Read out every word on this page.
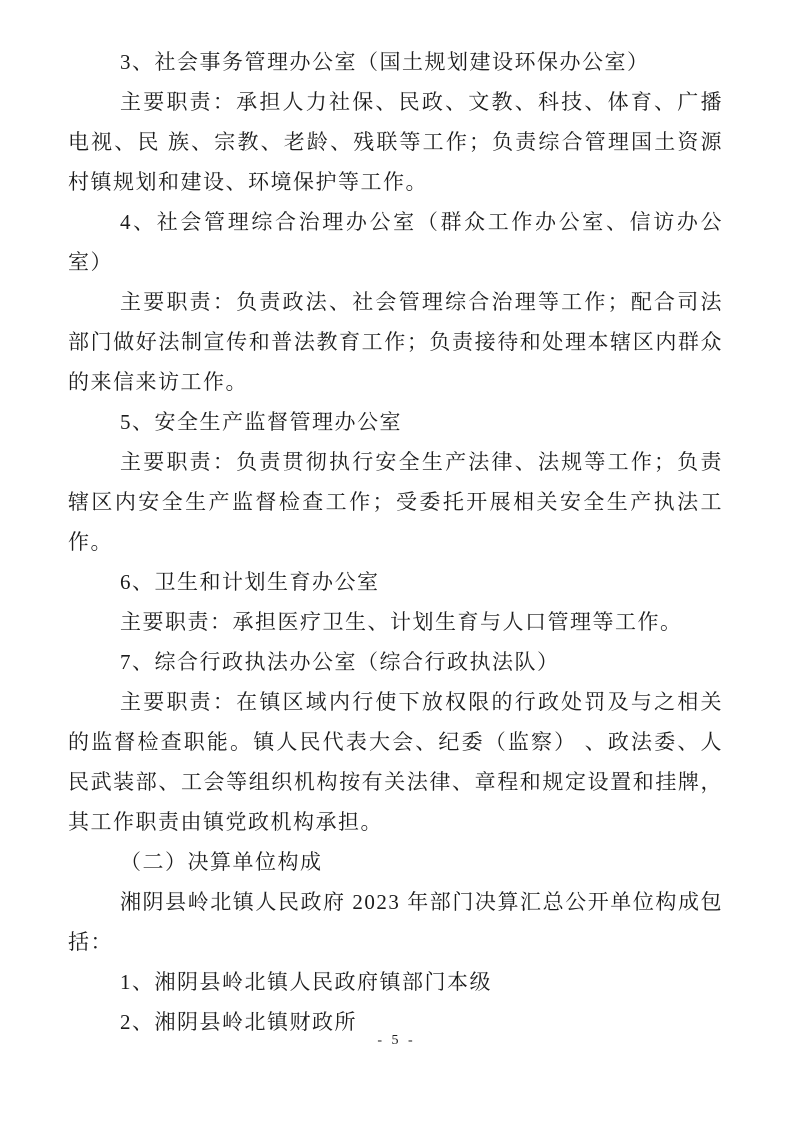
3、社会事务管理办公室（国土规划建设环保办公室）

主要职责：承担人力社保、民政、文教、科技、体育、广播电视、民 族、宗教、老龄、残联等工作；负责综合管理国土资源村镇规划和建设、环境保护等工作。

4、社会管理综合治理办公室（群众工作办公室、信访办公室）

主要职责：负责政法、社会管理综合治理等工作；配合司法部门做好法制宣传和普法教育工作；负责接待和处理本辖区内群众的来信来访工作。

5、安全生产监督管理办公室

主要职责：负责贯彻执行安全生产法律、法规等工作；负责辖区内安全生产监督检查工作；受委托开展相关安全生产执法工作。

6、卫生和计划生育办公室

主要职责：承担医疗卫生、计划生育与人口管理等工作。

7、综合行政执法办公室（综合行政执法队）

主要职责：在镇区域内行使下放权限的行政处罚及与之相关的监督检查职能。镇人民代表大会、纪委（监察） 、政法委、人民武装部、工会等组织机构按有关法律、章程和规定设置和挂牌，其工作职责由镇党政机构承担。

（二）决算单位构成

湘阴县岭北镇人民政府 2023 年部门决算汇总公开单位构成包括：

1、湘阴县岭北镇人民政府镇部门本级

2、湘阴县岭北镇财政所

- 5 -
